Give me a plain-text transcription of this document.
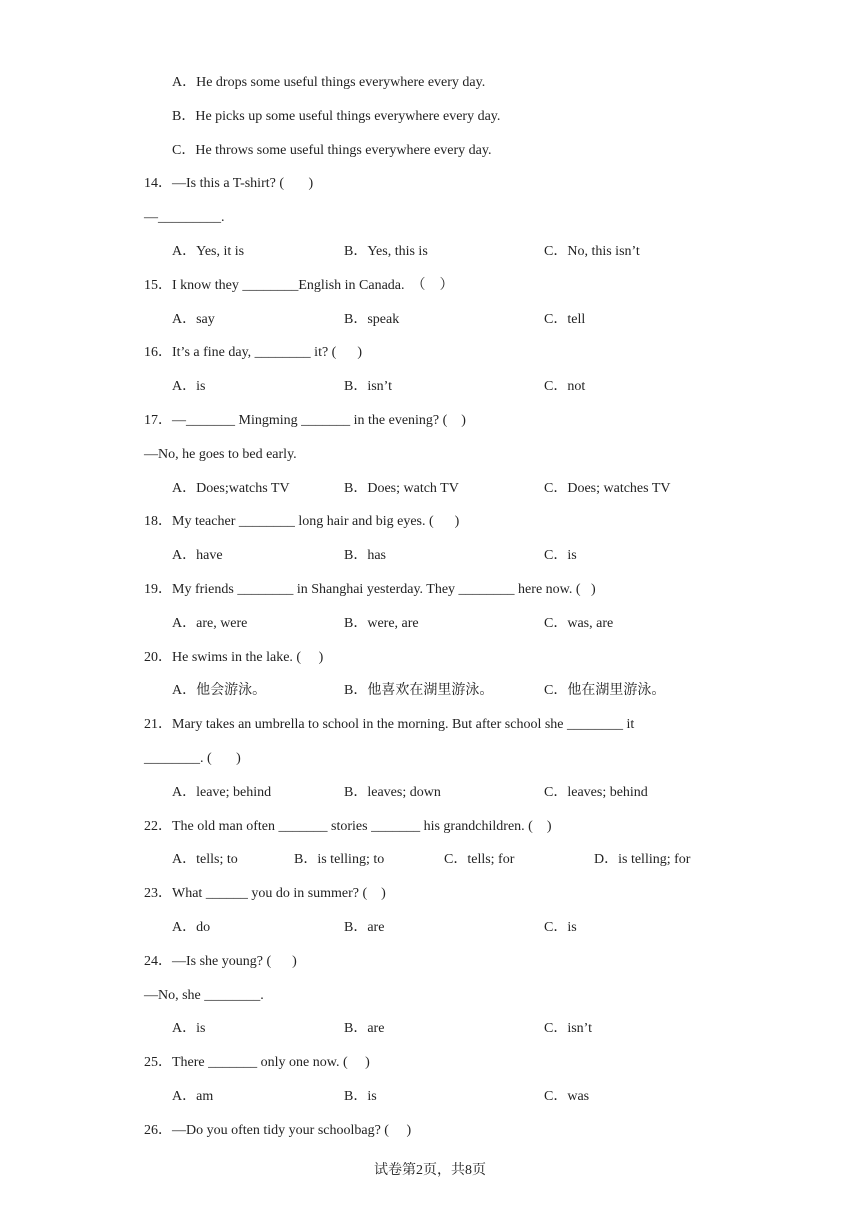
A．He drops some useful things everywhere every day.
B．He picks up some useful things everywhere every day.
C．He throws some useful things everywhere every day.
14．—Is this a T-shirt? (       )
—_________.
A．Yes, it is	B．Yes, this is	C．No, this isn’t
15．I know they ________English in Canada.  （    ）
A．say	B．speak	C．tell
16．It’s a fine day, ________ it? (      )
A．is	B．isn’t	C．not
17．—_______ Mingming _______ in the evening? (    )
—No, he goes to bed early.
A．Does;watchs TV	B．Does; watch TV	C．Does; watches TV
18．My teacher ________ long hair and big eyes. (      )
A．have	B．has	C．is
19．My friends ________ in Shanghai yesterday. They ________ here now. (   )
A．are, were	B．were, are	C．was, are
20．He swims in the lake. (     )
A．他会游泳。	B．他喜欢在湖里游泳。	C．他在湖里游泳。
21．Mary takes an umbrella to school in the morning. But after school she ________ it
________. (       )
A．leave; behind	B．leaves; down	C．leaves; behind
22．The old man often _______ stories _______ his grandchildren. (    )
A．tells; to	B．is telling; to	C．tells; for	D．is telling; for
23．What ______ you do in summer? (    )
A．do	B．are	C．is
24．—Is she young? (      )
—No, she ________.
A．is	B．are	C．isn’t
25．There _______ only one now. (     )
A．am	B．is	C．was
26．—Do you often tidy your schoolbag? (     )
试卷第2页，共8页
